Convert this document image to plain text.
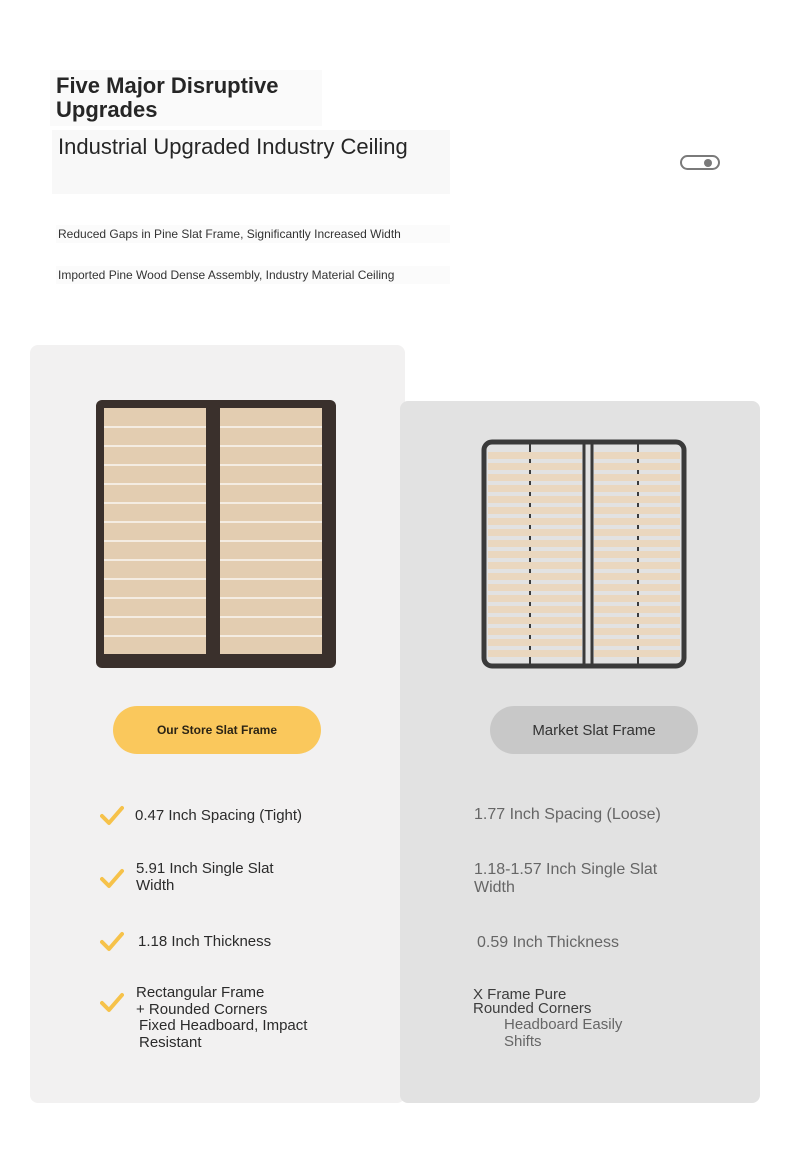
Five Major Disruptive Upgrades
Industrial Upgraded Industry Ceiling
Reduced Gaps in Pine Slat Frame, Significantly Increased Width
Imported Pine Wood Dense Assembly, Industry Material Ceiling
Our Store Slat Frame	Market Slat Frame
0.47 Inch Spacing (Tight)
5.91 Inch Single Slat Width
1.18 Inch Thickness
Rectangular Frame + Rounded Corners
Fixed Headboard, Impact Resistant
1.77 Inch Spacing (Loose)
1.18-1.57 Inch Single Slat Width
0.59 Inch Thickness
X Frame Pure Rounded Corners
Headboard Easily Shifts
